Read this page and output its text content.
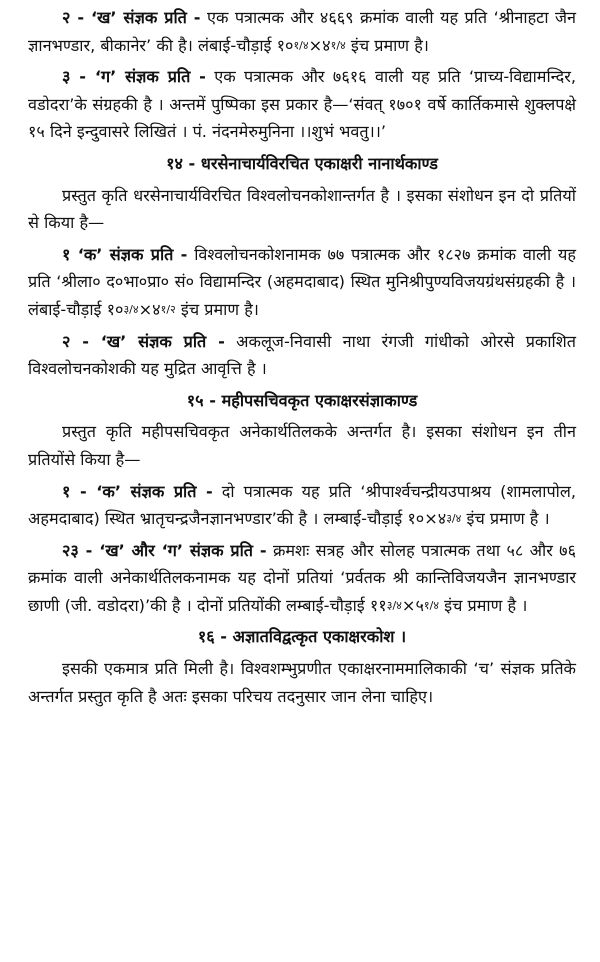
२ - ‘ख’ संज्ञक प्रति - एक पत्रात्मक और ४६६९ क्रमांक वाली यह प्रति ‘श्रीनाहटा जैन ज्ञानभण्डार, बीकानेर’ की है। लंबाई-चौड़ाई १०१/४×४१/४ इंच प्रमाण है।

३ - ‘ग’ संज्ञक प्रति - एक पत्रात्मक और ७६१६ वाली यह प्रति ‘प्राच्य-विद्यामन्दिर, वडोदरा’के संग्रहकी है । अन्तमें पुष्पिका इस प्रकार है—‘संवत् १७०१ वर्षे कार्तिकमासे शुक्लपक्षे १५ दिने इन्दुवासरे लिखितं । पं. नंदनमेरुमुनिना ।।शुभं भवतु।।’

१४ - धरसेनाचार्यविरचित एकाक्षरी नानार्थकाण्ड

प्रस्तुत कृति धरसेनाचार्यविरचित विश्वलोचनकोशान्तर्गत है । इसका संशोधन इन दो प्रतियों से किया है—

१ ‘क’ संज्ञक प्रति - विश्वलोचनकोशनामक ७७ पत्रात्मक और १८२७ क्रमांक वाली यह प्रति ‘श्रीला० द०भा०प्रा० सं० विद्यामन्दिर (अहमदाबाद) स्थित मुनिश्रीपुण्यविजयग्रंथसंग्रहकी है । लंबाई-चौड़ाई १०३/४×४१/२ इंच प्रमाण है।

२ - ‘ख’ संज्ञक प्रति - अकलूज-निवासी नाथा रंगजी गांधीको ओरसे प्रकाशित विश्वलोचनकोशकी यह मुद्रित आवृत्ति है ।

१५ - महीपसचिवकृत एकाक्षरसंज्ञाकाण्ड

प्रस्तुत कृति महीपसचिवकृत अनेकार्थतिलकके अन्तर्गत है। इसका संशोधन इन तीन प्रतियोंसे किया है—

१ - ‘क’ संज्ञक प्रति - दो पत्रात्मक यह प्रति ‘श्रीपार्श्वचन्द्रीयउपाश्रय (शामलापोल, अहमदाबाद) स्थित भ्रातृचन्द्रजैनज्ञानभण्डार’की है । लम्बाई-चौड़ाई १०×४३/४ इंच प्रमाण है ।

२३ - ‘ख’ और ‘ग’ संज्ञक प्रति - क्रमशः सत्रह और सोलह पत्रात्मक तथा ५८ और ७६ क्रमांक वाली अनेकार्थतिलकनामक यह दोनों प्रतियां ‘प्रर्वतक श्री कान्तिविजयजैन ज्ञानभण्डार छाणी (जी. वडोदरा)’की है । दोनों प्रतियोंकी लम्बाई-चौड़ाई ११३/४×५१/४ इंच प्रमाण है ।

१६ - अज्ञातविद्वत्कृत एकाक्षरकोश ।

इसकी एकमात्र प्रति मिली है। विश्वशम्भुप्रणीत एकाक्षरनाममालिकाकी ‘च’ संज्ञक प्रतिके अन्तर्गत प्रस्तुत कृति है अतः इसका परिचय तदनुसार जान लेना चाहिए।
